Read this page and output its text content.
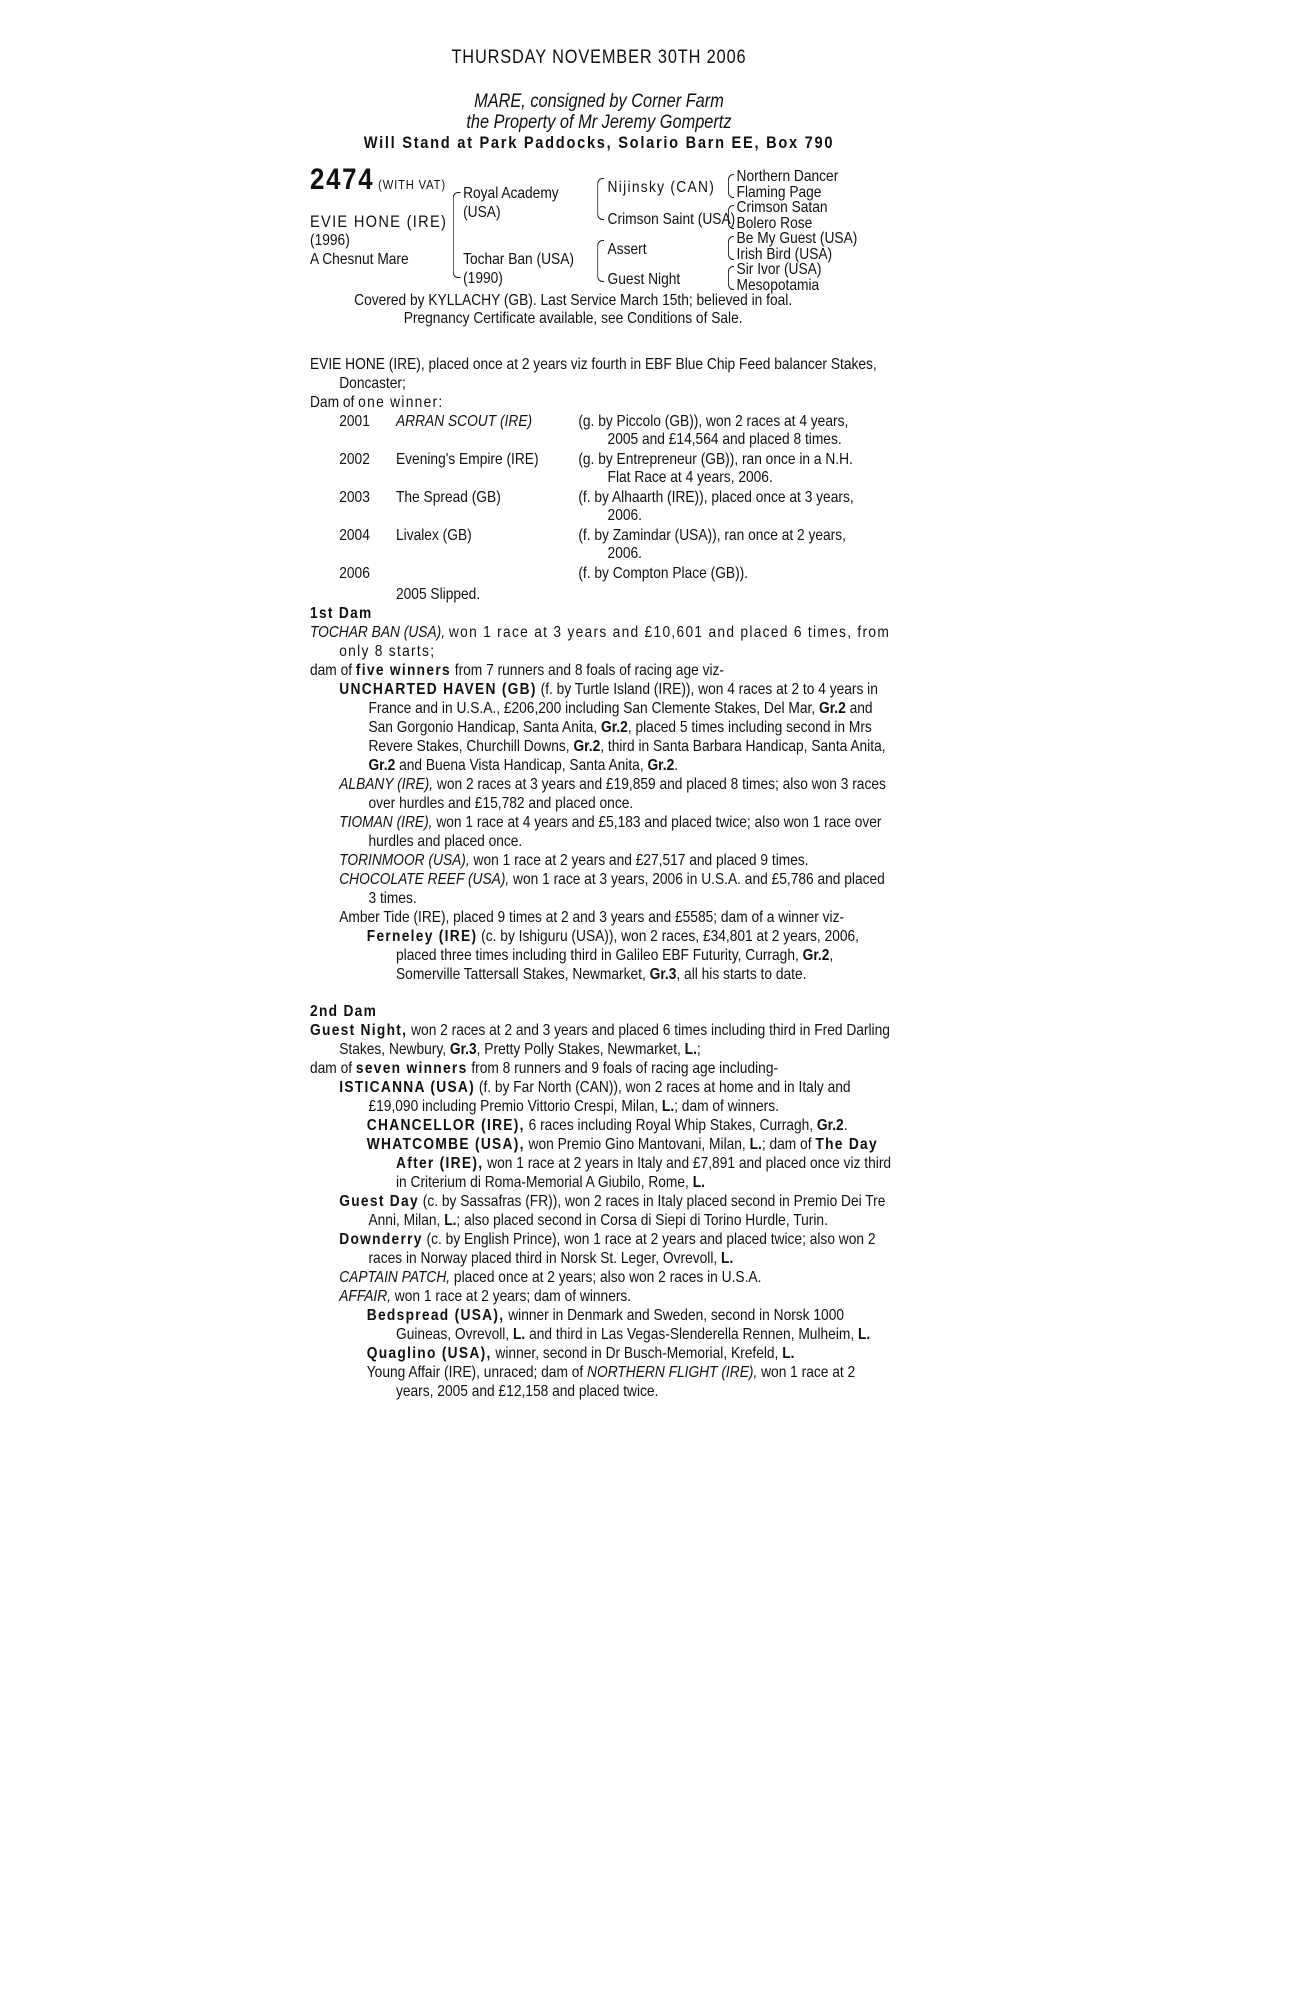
THURSDAY NOVEMBER 30TH 2006
MARE, consigned by Corner Farm
the Property of Mr Jeremy Gompertz
Will Stand at Park Paddocks, Solario Barn EE, Box 790
2474 (WITH VAT)
EVIE HONE (IRE)
(1996)
A Chesnut Mare
Royal Academy
(USA)
Tochar Ban (USA)
(1990)
Nijinsky (CAN)
Crimson Saint (USA)
Assert
Guest Night
Northern Dancer
Flaming Page
Crimson Satan
Bolero Rose
Be My Guest (USA)
Irish Bird (USA)
Sir Ivor (USA)
Mesopotamia
Covered by KYLLACHY (GB). Last Service March 15th; believed in foal.
Pregnancy Certificate available, see Conditions of Sale.

EVIE HONE (IRE), placed once at 2 years viz fourth in EBF Blue Chip Feed balancer Stakes, Doncaster;

Dam of one winner:

2001 ARRAN SCOUT (IRE)	(g. by Piccolo (GB)), won 2 races at 4 years,
2005 and £14,564 and placed 8 times.
2002 Evening's Empire (IRE) (g. by Entrepreneur (GB)), ran once in a N.H.
Flat Race at 4 years, 2006.
2003 The Spread (GB)	(f. by Alhaarth (IRE)), placed once at 3 years,
2006.
2004 Livalex (GB)	(f. by Zamindar (USA)), ran once at 2 years,
2006.
2006	(f. by Compton Place (GB)).

2005 Slipped.

1st Dam

TOCHAR BAN (USA), won 1 race at 3 years and £10,601 and placed 6 times, from only 8 starts;

dam of five winners from 7 runners and 8 foals of racing age viz-

UNCHARTED HAVEN (GB) (f. by Turtle Island (IRE)), won 4 races at 2 to 4 years in France and in U.S.A., £206,200 including San Clemente Stakes, Del Mar, Gr.2 and San Gorgonio Handicap, Santa Anita, Gr.2, placed 5 times including second in Mrs Revere Stakes, Churchill Downs, Gr.2, third in Santa Barbara Handicap, Santa Anita, Gr.2 and Buena Vista Handicap, Santa Anita, Gr.2.

ALBANY (IRE), won 2 races at 3 years and £19,859 and placed 8 times; also won 3 races over hurdles and £15,782 and placed once.

TIOMAN (IRE), won 1 race at 4 years and £5,183 and placed twice; also won 1 race over hurdles and placed once.

TORINMOOR (USA), won 1 race at 2 years and £27,517 and placed 9 times.

CHOCOLATE REEF (USA), won 1 race at 3 years, 2006 in U.S.A. and £5,786 and placed 3 times.

Amber Tide (IRE), placed 9 times at 2 and 3 years and £5585; dam of a winner viz-

Ferneley (IRE) (c. by Ishiguru (USA)), won 2 races, £34,801 at 2 years, 2006, placed three times including third in Galileo EBF Futurity, Curragh, Gr.2, Somerville Tattersall Stakes, Newmarket, Gr.3, all his starts to date.

2nd Dam

Guest Night, won 2 races at 2 and 3 years and placed 6 times including third in Fred Darling Stakes, Newbury, Gr.3, Pretty Polly Stakes, Newmarket, L.;

dam of seven winners from 8 runners and 9 foals of racing age including-

ISTICANNA (USA) (f. by Far North (CAN)), won 2 races at home and in Italy and £19,090 including Premio Vittorio Crespi, Milan, L.; dam of winners.

CHANCELLOR (IRE), 6 races including Royal Whip Stakes, Curragh, Gr.2.

WHATCOMBE (USA), won Premio Gino Mantovani, Milan, L.; dam of The Day After (IRE), won 1 race at 2 years in Italy and £7,891 and placed once viz third in Criterium di Roma-Memorial A Giubilo, Rome, L.

Guest Day (c. by Sassafras (FR)), won 2 races in Italy placed second in Premio Dei Tre Anni, Milan, L.; also placed second in Corsa di Siepi di Torino Hurdle, Turin.

Downderry (c. by English Prince), won 1 race at 2 years and placed twice; also won 2 races in Norway placed third in Norsk St. Leger, Ovrevoll, L.

CAPTAIN PATCH, placed once at 2 years; also won 2 races in U.S.A.

AFFAIR, won 1 race at 2 years; dam of winners.

Bedspread (USA), winner in Denmark and Sweden, second in Norsk 1000 Guineas, Ovrevoll, L. and third in Las Vegas-Slenderella Rennen, Mulheim, L.

Quaglino (USA), winner, second in Dr Busch-Memorial, Krefeld, L.

Young Affair (IRE), unraced; dam of NORTHERN FLIGHT (IRE), won 1 race at 2 years, 2005 and £12,158 and placed twice.
